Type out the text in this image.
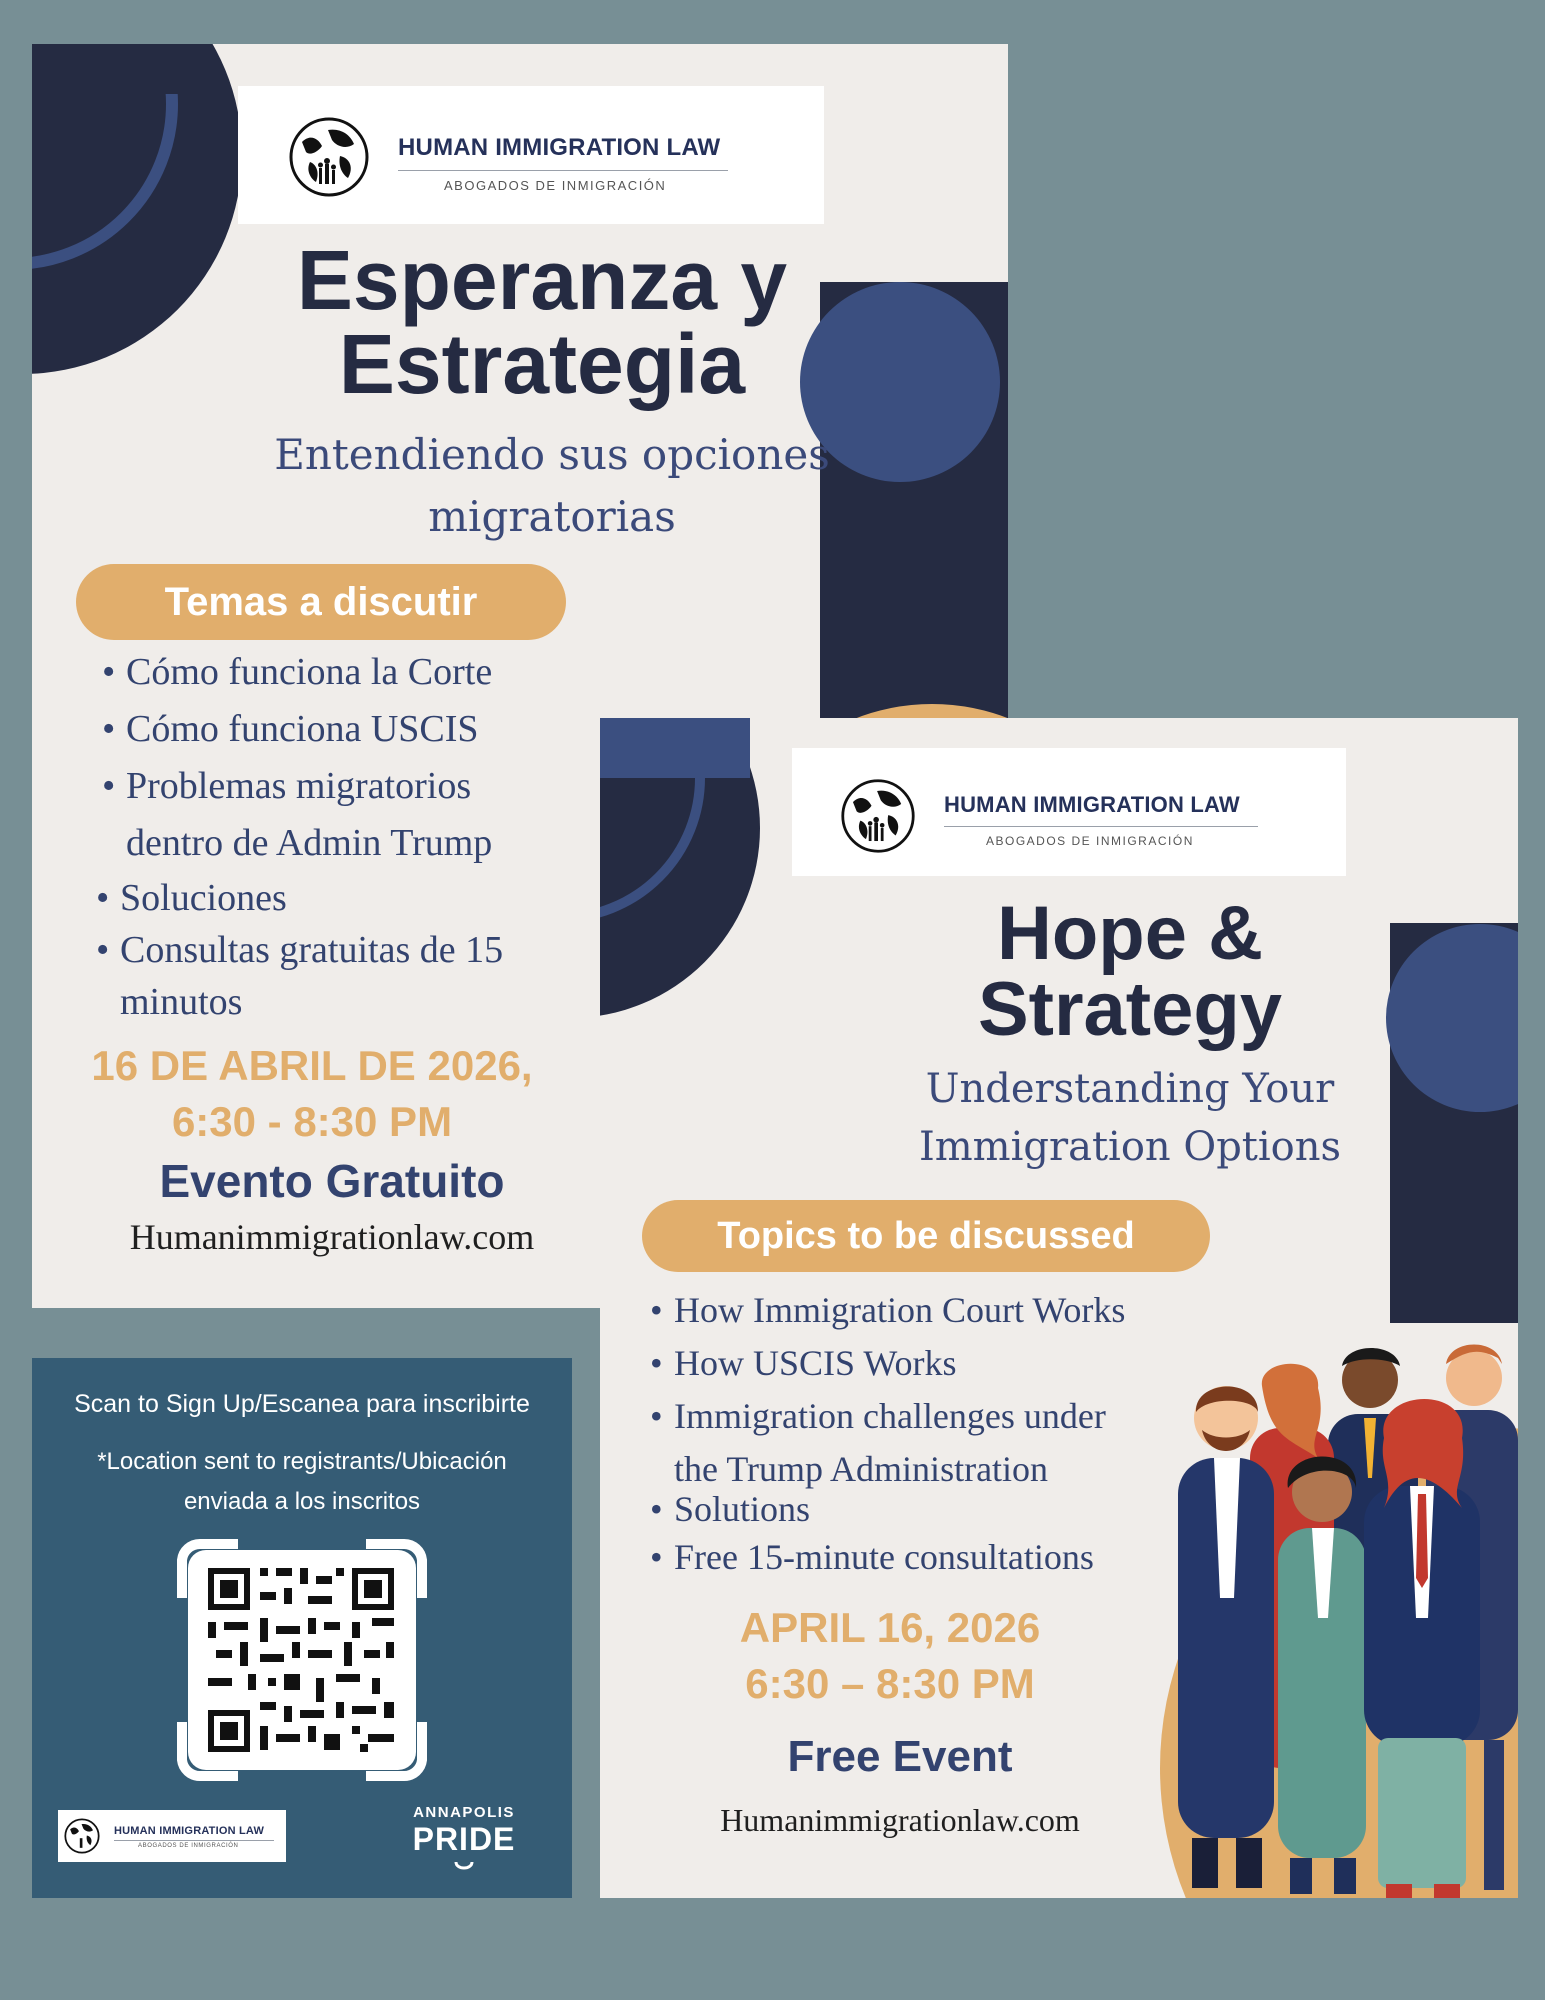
HUMAN IMMIGRATION LAW
ABOGADOS DE INMIGRACIÓN
Esperanza y
Estrategia
Entendiendo sus opciones
migratorias
Temas a discutir
• Cómo funciona la Corte
• Cómo funciona USCIS
• Problemas migratorios
dentro de Admin Trump
• Soluciones
• Consultas gratuitas de 15
minutos
16 DE ABRIL DE 2026,
6:30 - 8:30 PM
Evento Gratuito
Humanimmigrationlaw.com
HUMAN IMMIGRATION LAW
ABOGADOS DE INMIGRACIÓN
Hope &
Strategy
Understanding Your
Immigration Options
Topics to be discussed
• How Immigration Court Works
• How USCIS Works
• Immigration challenges under
the Trump Administration
• Solutions
• Free 15-minute consultations
APRIL 16, 2026
6:30 – 8:30 PM
Free Event
Humanimmigrationlaw.com
Scan to Sign Up/Escanea para inscribirte
*Location sent to registrants/Ubicación
enviada a los inscritos
HUMAN IMMIGRATION LAW
ABOGADOS DE INMIGRACIÓN
ANNAPOLIS
PRIDE
